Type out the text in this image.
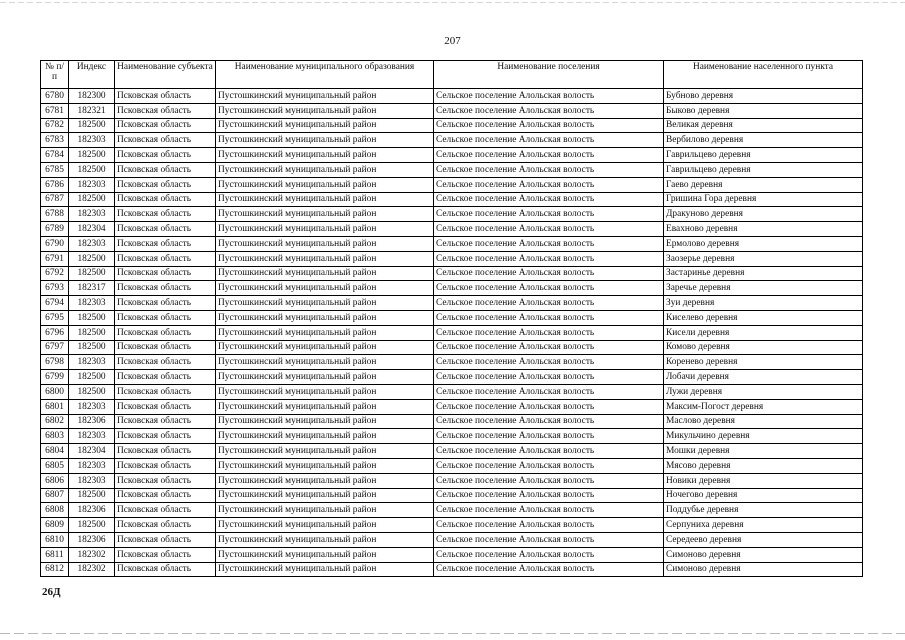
207
№ п/п	Индекс	Наименование субъекта	Наименование муниципального образования	Наименование поселения	Наименование населенного пункта
6780	182300	Псковская область	Пустошкинский муниципальный район	Сельское поселение Алольская волость	Бубново деревня
6781	182321	Псковская область	Пустошкинский муниципальный район	Сельское поселение Алольская волость	Быково деревня
6782	182500	Псковская область	Пустошкинский муниципальный район	Сельское поселение Алольская волость	Великая деревня
6783	182303	Псковская область	Пустошкинский муниципальный район	Сельское поселение Алольская волость	Вербилово деревня
6784	182500	Псковская область	Пустошкинский муниципальный район	Сельское поселение Алольская волость	Гаврильцево деревня
6785	182500	Псковская область	Пустошкинский муниципальный район	Сельское поселение Алольская волость	Гаврильцево деревня
6786	182303	Псковская область	Пустошкинский муниципальный район	Сельское поселение Алольская волость	Гаево деревня
6787	182500	Псковская область	Пустошкинский муниципальный район	Сельское поселение Алольская волость	Гришина Гора деревня
6788	182303	Псковская область	Пустошкинский муниципальный район	Сельское поселение Алольская волость	Дракуново деревня
6789	182304	Псковская область	Пустошкинский муниципальный район	Сельское поселение Алольская волость	Евахново деревня
6790	182303	Псковская область	Пустошкинский муниципальный район	Сельское поселение Алольская волость	Ермолово деревня
6791	182500	Псковская область	Пустошкинский муниципальный район	Сельское поселение Алольская волость	Заозерье деревня
6792	182500	Псковская область	Пустошкинский муниципальный район	Сельское поселение Алольская волость	Застаринье деревня
6793	182317	Псковская область	Пустошкинский муниципальный район	Сельское поселение Алольская волость	Заречье деревня
6794	182303	Псковская область	Пустошкинский муниципальный район	Сельское поселение Алольская волость	Зуи деревня
6795	182500	Псковская область	Пустошкинский муниципальный район	Сельское поселение Алольская волость	Киселево деревня
6796	182500	Псковская область	Пустошкинский муниципальный район	Сельское поселение Алольская волость	Кисели деревня
6797	182500	Псковская область	Пустошкинский муниципальный район	Сельское поселение Алольская волость	Комово деревня
6798	182303	Псковская область	Пустошкинский муниципальный район	Сельское поселение Алольская волость	Коренево деревня
6799	182500	Псковская область	Пустошкинский муниципальный район	Сельское поселение Алольская волость	Лобачи деревня
6800	182500	Псковская область	Пустошкинский муниципальный район	Сельское поселение Алольская волость	Лужи деревня
6801	182303	Псковская область	Пустошкинский муниципальный район	Сельское поселение Алольская волость	Максим-Погост деревня
6802	182306	Псковская область	Пустошкинский муниципальный район	Сельское поселение Алольская волость	Маслово деревня
6803	182303	Псковская область	Пустошкинский муниципальный район	Сельское поселение Алольская волость	Микульчино деревня
6804	182304	Псковская область	Пустошкинский муниципальный район	Сельское поселение Алольская волость	Мошки деревня
6805	182303	Псковская область	Пустошкинский муниципальный район	Сельское поселение Алольская волость	Мясово деревня
6806	182303	Псковская область	Пустошкинский муниципальный район	Сельское поселение Алольская волость	Новики деревня
6807	182500	Псковская область	Пустошкинский муниципальный район	Сельское поселение Алольская волость	Ночегово деревня
6808	182306	Псковская область	Пустошкинский муниципальный район	Сельское поселение Алольская волость	Поддубье деревня
6809	182500	Псковская область	Пустошкинский муниципальный район	Сельское поселение Алольская волость	Серпуниха деревня
6810	182306	Псковская область	Пустошкинский муниципальный район	Сельское поселение Алольская волость	Середеево деревня
6811	182302	Псковская область	Пустошкинский муниципальный район	Сельское поселение Алольская волость	Симоново деревня
6812	182302	Псковская область	Пустошкинский муниципальный район	Сельское поселение Алольская волость	Симоново деревня
26Д
